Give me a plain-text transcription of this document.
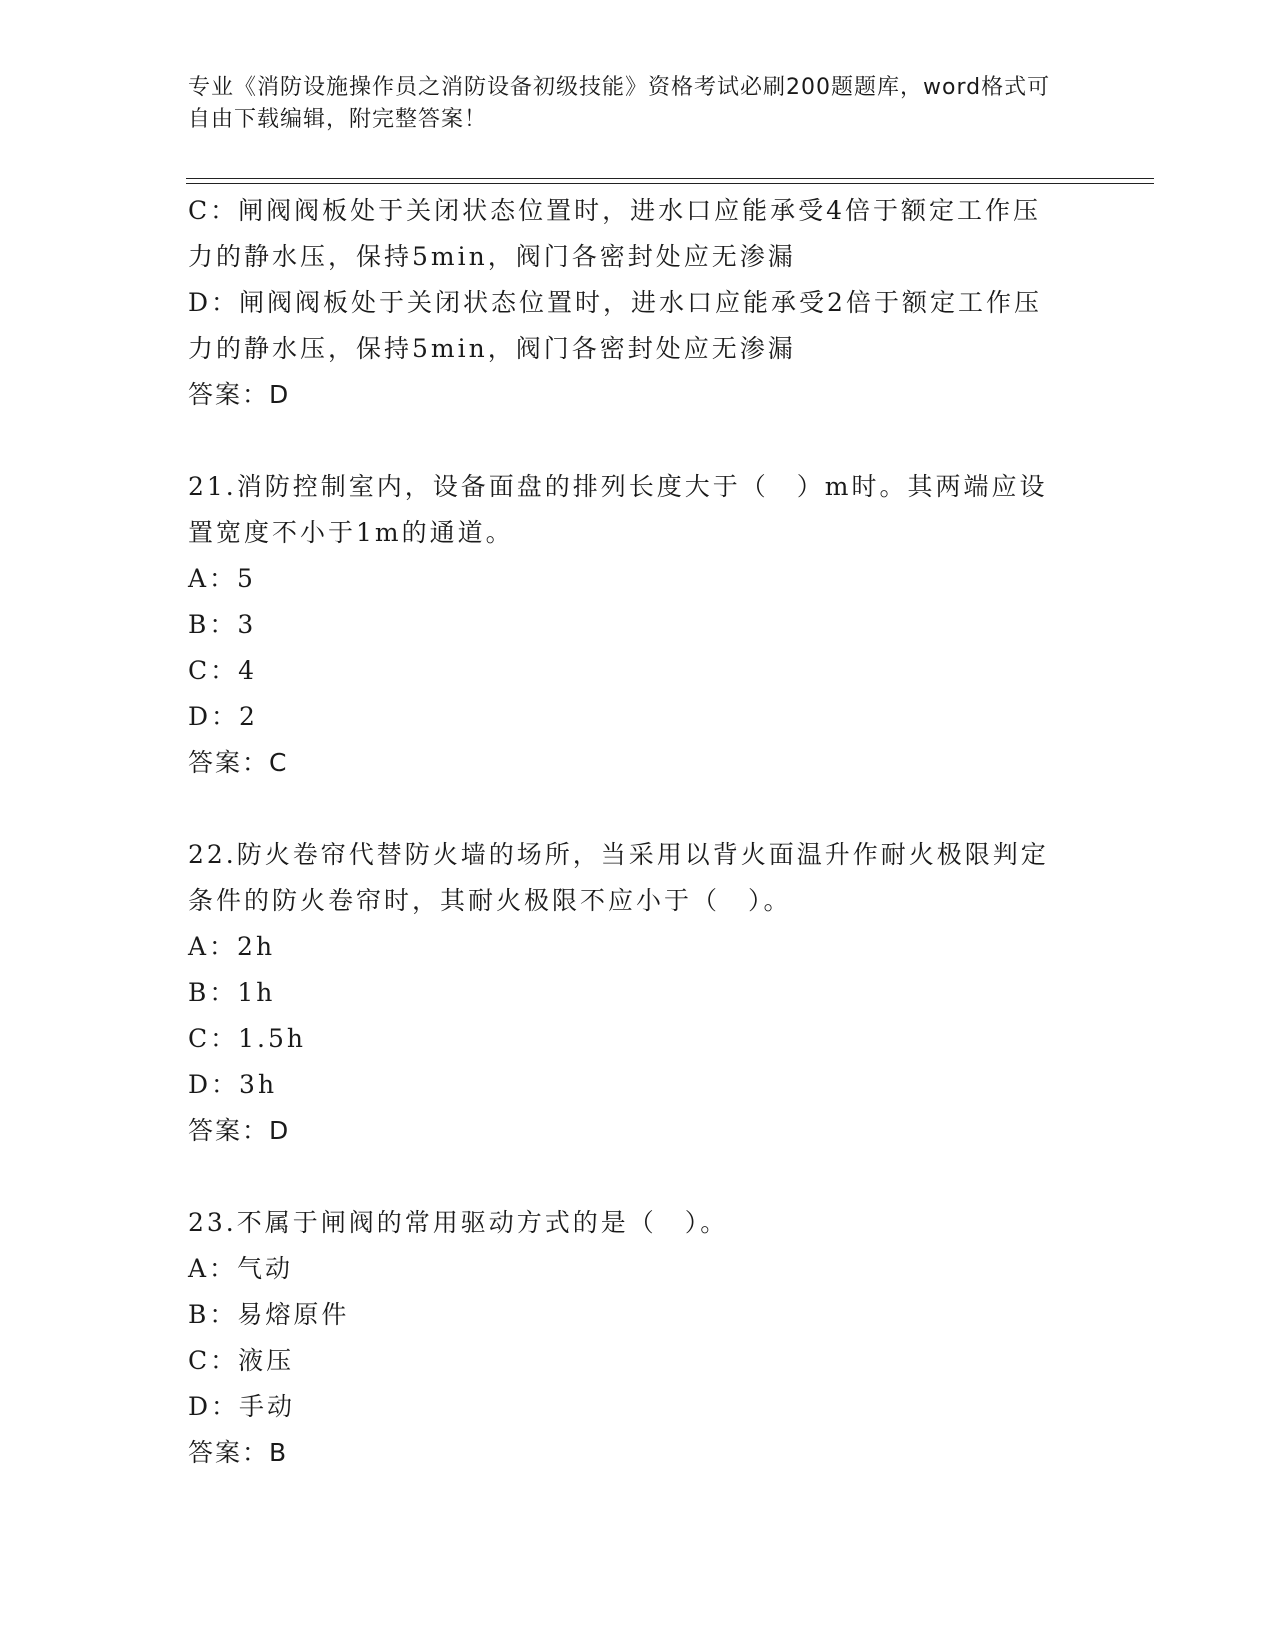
专业《消防设施操作员之消防设备初级技能》资格考试必刷200题题库，word格式可自由下载编辑，附完整答案！
C：闸阀阀板处于关闭状态位置时，进水口应能承受4倍于额定工作压
力的静水压，保持5min，阀门各密封处应无渗漏
D：闸阀阀板处于关闭状态位置时，进水口应能承受2倍于额定工作压
力的静水压，保持5min，阀门各密封处应无渗漏
答案：D
21.消防控制室内，设备面盘的排列长度大于（　）m时。其两端应设
置宽度不小于1m的通道。
A：5
B：3
C：4
D：2
答案：C
22.防火卷帘代替防火墙的场所，当采用以背火面温升作耐火极限判定
条件的防火卷帘时，其耐火极限不应小于（　）。
A：2h
B：1h
C：1.5h
D：3h
答案：D
23.不属于闸阀的常用驱动方式的是（　）。
A：气动
B：易熔原件
C：液压
D：手动
答案：B
